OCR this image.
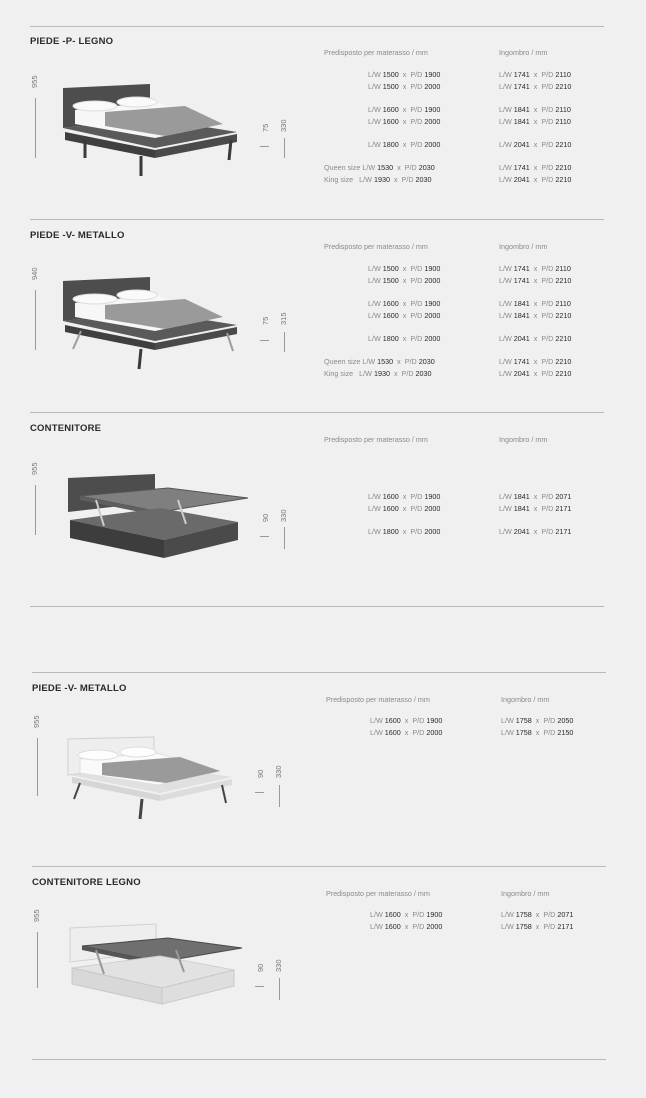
PIEDE -P- LEGNO
Predisposto per materasso / mm	Ingombro / mm
955
75 330
L/W 1500 x P/D 1900	L/W 1741 x P/D 2110
L/W 1500 x P/D 2000	L/W 1741 x P/D 2210
L/W 1600 x P/D 1900	L/W 1841 x P/D 2110
L/W 1600 x P/D 2000	L/W 1841 x P/D 2110
L/W 1800 x P/D 2000	L/W 2041 x P/D 2210
Queen size L/W 1530 x P/D 2030	L/W 1741 x P/D 2210
King size L/W 1930 x P/D 2030	L/W 2041 x P/D 2210
PIEDE -V- METALLO
Predisposto per materasso / mm	Ingombro / mm
940
75 315
L/W 1500 x P/D 1900	L/W 1741 x P/D 2110
L/W 1500 x P/D 2000	L/W 1741 x P/D 2210
L/W 1600 x P/D 1900	L/W 1841 x P/D 2110
L/W 1600 x P/D 2000	L/W 1841 x P/D 2210
L/W 1800 x P/D 2000	L/W 2041 x P/D 2210
Queen size L/W 1530 x P/D 2030	L/W 1741 x P/D 2210
King size L/W 1930 x P/D 2030	L/W 2041 x P/D 2210
CONTENITORE
Predisposto per materasso / mm	Ingombro / mm
955
90 330
L/W 1600 x P/D 1900	L/W 1841 x P/D 2071
L/W 1600 x P/D 2000	L/W 1841 x P/D 2171
L/W 1800 x P/D 2000	L/W 2041 x P/D 2171
PIEDE -V- METALLO
Predisposto per materasso / mm	Ingombro / mm
955
90 330
L/W 1600 x P/D 1900	L/W 1758 x P/D 2050
L/W 1600 x P/D 2000	L/W 1758 x P/D 2150
CONTENITORE LEGNO
Predisposto per materasso / mm	Ingombro / mm
955
90 330
L/W 1600 x P/D 1900	L/W 1758 x P/D 2071
L/W 1600 x P/D 2000	L/W 1758 x P/D 2171
